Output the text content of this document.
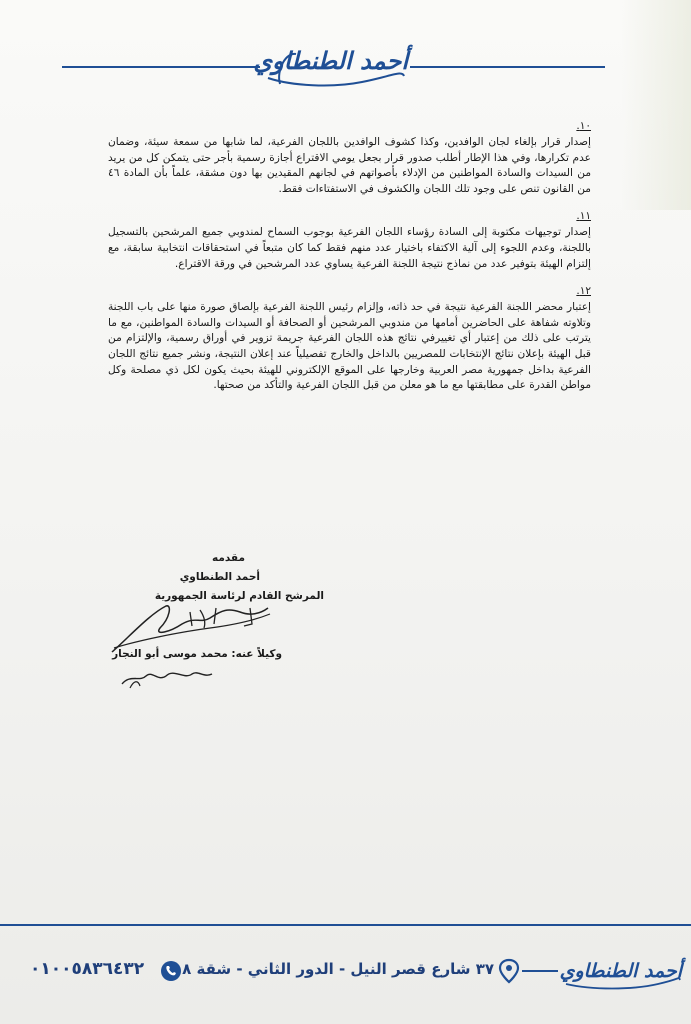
أحمد الطنطاوي
١٠.

إصدار قرار بإلغاء لجان الوافدين، وكذا كشوف الوافدين باللجان الفرعية، لما شابها من سمعة سيئة، وضمان عدم تكرارها، وفي هذا الإطار أطلب صدور قرار بجعل يومي الاقتراع أجازة رسمية بأجر حتى يتمكن كل من يريد من السيدات والسادة المواطنين من الإدلاء بأصواتهم في لجانهم المقيدين بها دون مشقة، علماً بأن المادة ٤٦ من القانون تنص على وجود تلك اللجان والكشوف في الاستفتاءات فقط.

١١.

إصدار توجيهات مكتوبة إلى السادة رؤساء اللجان الفرعية بوجوب السماح لمندوبي جميع المرشحين بالتسجيل باللجنة، وعدم اللجوء إلى آلية الاكتفاء باختيار عدد منهم فقط كما كان متبعاً في استحقاقات انتخابية سابقة، مع إلتزام الهيئة بتوفير عدد من نماذج نتيجة اللجنة الفرعية يساوي عدد المرشحين في ورقة الاقتراع.

١٢.

إعتبار محضر اللجنة الفرعية نتيجة في حد ذاته، وإلزام رئيس اللجنة الفرعية بإلصاق صورة منها على باب اللجنة وتلاوته شفاهة على الحاضرين أمامها من مندوبي المرشحين أو الصحافة أو السيدات والسادة المواطنين، مع ما يترتب على ذلك من إعتبار أي تغييرفي نتائج هذه اللجان الفرعية جريمة تزوير في أوراق رسمية، والإلتزام من قبل الهيئة بإعلان نتائج الإنتخابات للمصريين بالداخل والخارج تفصيلياً عند إعلان النتيجة، ونشر جميع نتائج اللجان الفرعية بداخل جمهورية مصر العربية وخارجها على الموقع الإلكتروني للهيئة بحيث يكون لكل ذي مصلحة وكل مواطن القدرة على مطابقتها مع ما هو معلن من قبل اللجان الفرعية والتأكد من صحتها.

مقدمه
أحمد الطنطاوي
المرشح القادم لرئاسة الجمهورية
وكيلاً عنه: محمد موسى أبو النجار
أحمد الطنطاوي
٣٧ شارع قصر النيل - الدور الثاني - شقة ٨
٠١٠٠٥٨٣٦٤٣٢
